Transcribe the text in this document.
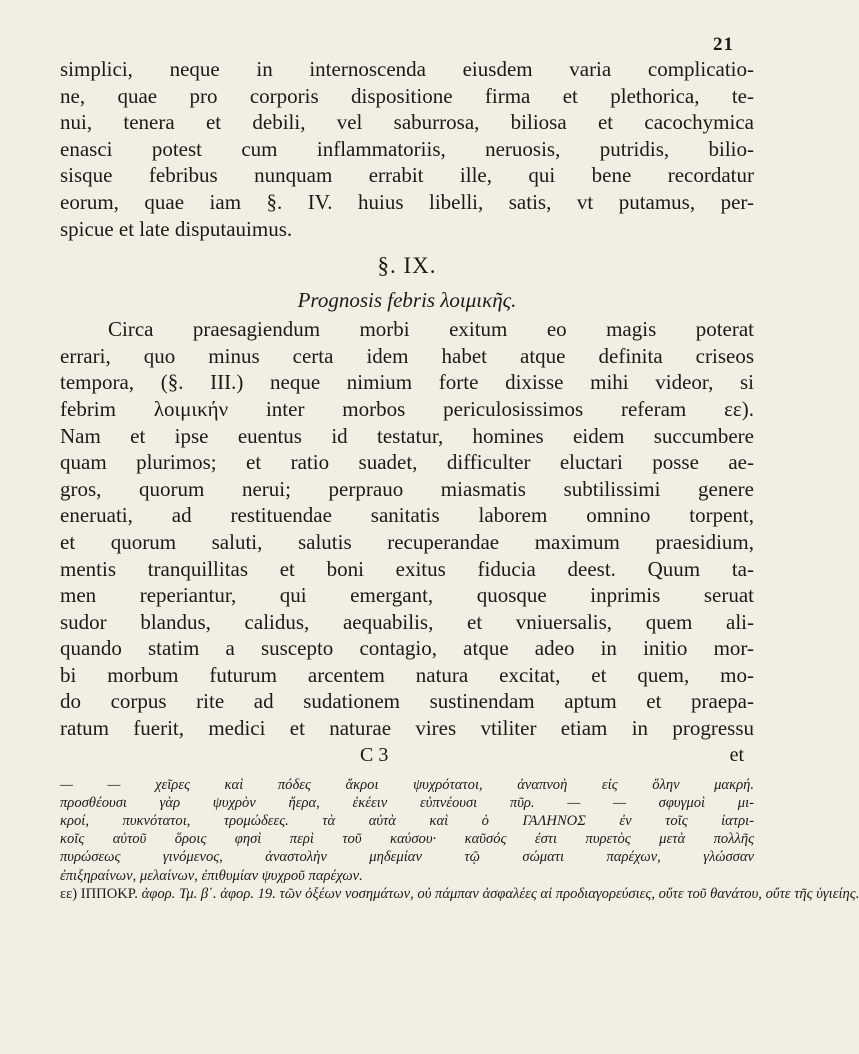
21
simplici, neque in internoscenda eiusdem varia complicatio-
ne, quae pro corporis dispositione firma et plethorica, te-
nui, tenera et debili, vel saburrosa, biliosa et cacochymica
enasci potest cum inflammatoriis, neruosis, putridis, bilio-
sisque febribus nunquam errabit ille, qui bene recordatur
eorum, quae iam §. IV. huius libelli, satis, vt putamus, per-
spicue et late disputauimus.
§. IX.
Prognosis febris λοιμικῆς.
Circa praesagiendum morbi exitum eo magis poterat
errari, quo minus certa idem habet atque definita criseos
tempora, (§. III.) neque nimium forte dixisse mihi videor, si
febrim λοιμικήν inter morbos periculosissimos referam εε).
Nam et ipse euentus id testatur, homines eidem succumbere
quam plurimos; et ratio suadet, difficulter eluctari posse ae-
gros, quorum nerui; perprauo miasmatis subtilissimi genere
eneruati, ad restituendae sanitatis laborem omnino torpent,
et quorum saluti, salutis recuperandae maximum praesidium,
mentis tranquillitas et boni exitus fiducia deest. Quum ta-
men reperiantur, qui emergant, quosque inprimis seruat
sudor blandus, calidus, aequabilis, et vniuersalis, quem ali-
quando statim a suscepto contagio, atque adeo in initio mor-
bi morbum futurum arcentem natura excitat, et quem, mo-
do corpus rite ad sudationem sustinendam aptum et praepa-
ratum fuerit, medici et naturae vires vtiliter etiam in progressu
C 3	et
— — χεῖρες καὶ πόδες ἄκροι ψυχρότατοι, ἀναπνοὴ εἰς ὅλην μακρή.
προσθέουσι γὰρ ψυχρὸν ἤερα, ἐκέειν εὐπνέουσι πῦρ. — — σφυγμοὶ μι-
κροί, πυκνότατοι, τρομώδεες. τὰ αὐτὰ καὶ ὁ ΓΑΛΗΝΟΣ ἐν τοῖς ἰατρι-
κοῖς αὐτοῦ ὅροις φησὶ περὶ τοῦ καύσου· καῦσός ἐστι πυρετὸς μετὰ πολλῆς
πυρώσεως γινόμενος, ἀναστολὴν μηδεμίαν τῷ σώματι παρέχων, γλώσσαν
ἐπιξηραίνων, μελαίνων, ἐπιθυμίαν ψυχροῦ παρέχων.
εε) ΙΠΠΟΚΡ. ἀφορ. Τμ. β΄. ἀφορ. 19. τῶν ὀξέων νοσημάτων, οὐ πάμπαν ἀσφαλέες αἱ προδιαγορεύσιες, οὔτε τοῦ θανάτου, οὔτε τῆς ὑγιείης.
